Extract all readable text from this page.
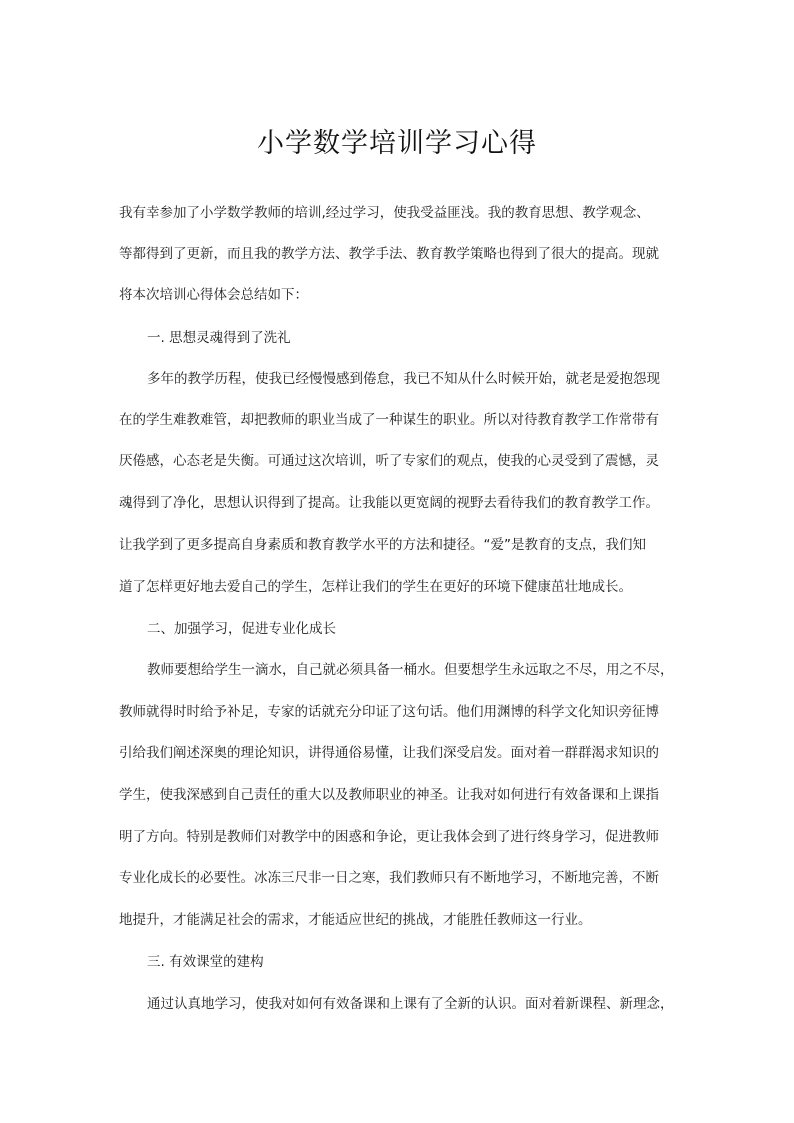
小学数学培训学习心得
我有幸参加了小学数学教师的培训,经过学习，使我受益匪浅。我的教育思想、教学观念、
等都得到了更新，而且我的教学方法、教学手法、教育教学策略也得到了很大的提高。现就
将本次培训心得体会总结如下：
一. 思想灵魂得到了洗礼
多年的教学历程，使我已经慢慢感到倦怠，我已不知从什么时候开始，就老是爱抱怨现
在的学生难教难管，却把教师的职业当成了一种谋生的职业。所以对待教育教学工作常带有
厌倦感，心态老是失衡。可通过这次培训，听了专家们的观点，使我的心灵受到了震憾，灵
魂得到了净化，思想认识得到了提高。让我能以更宽阔的视野去看待我们的教育教学工作。
让我学到了更多提高自身素质和教育教学水平的方法和捷径。“爱”是教育的支点，我们知
道了怎样更好地去爱自己的学生，怎样让我们的学生在更好的环境下健康茁壮地成长。
二、加强学习，促进专业化成长
教师要想给学生一滴水，自己就必须具备一桶水。但要想学生永远取之不尽，用之不尽，
教师就得时时给予补足，专家的话就充分印证了这句话。他们用渊博的科学文化知识旁征博
引给我们阐述深奥的理论知识，讲得通俗易懂，让我们深受启发。面对着一群群渴求知识的
学生，使我深感到自己责任的重大以及教师职业的神圣。让我对如何进行有效备课和上课指
明了方向。特别是教师们对教学中的困惑和争论，更让我体会到了进行终身学习，促进教师
专业化成长的必要性。冰冻三尺非一日之寒，我们教师只有不断地学习，不断地完善，不断
地提升，才能满足社会的需求，才能适应世纪的挑战，才能胜任教师这一行业。
三. 有效课堂的建构
通过认真地学习，使我对如何有效备课和上课有了全新的认识。面对着新课程、新理念，
